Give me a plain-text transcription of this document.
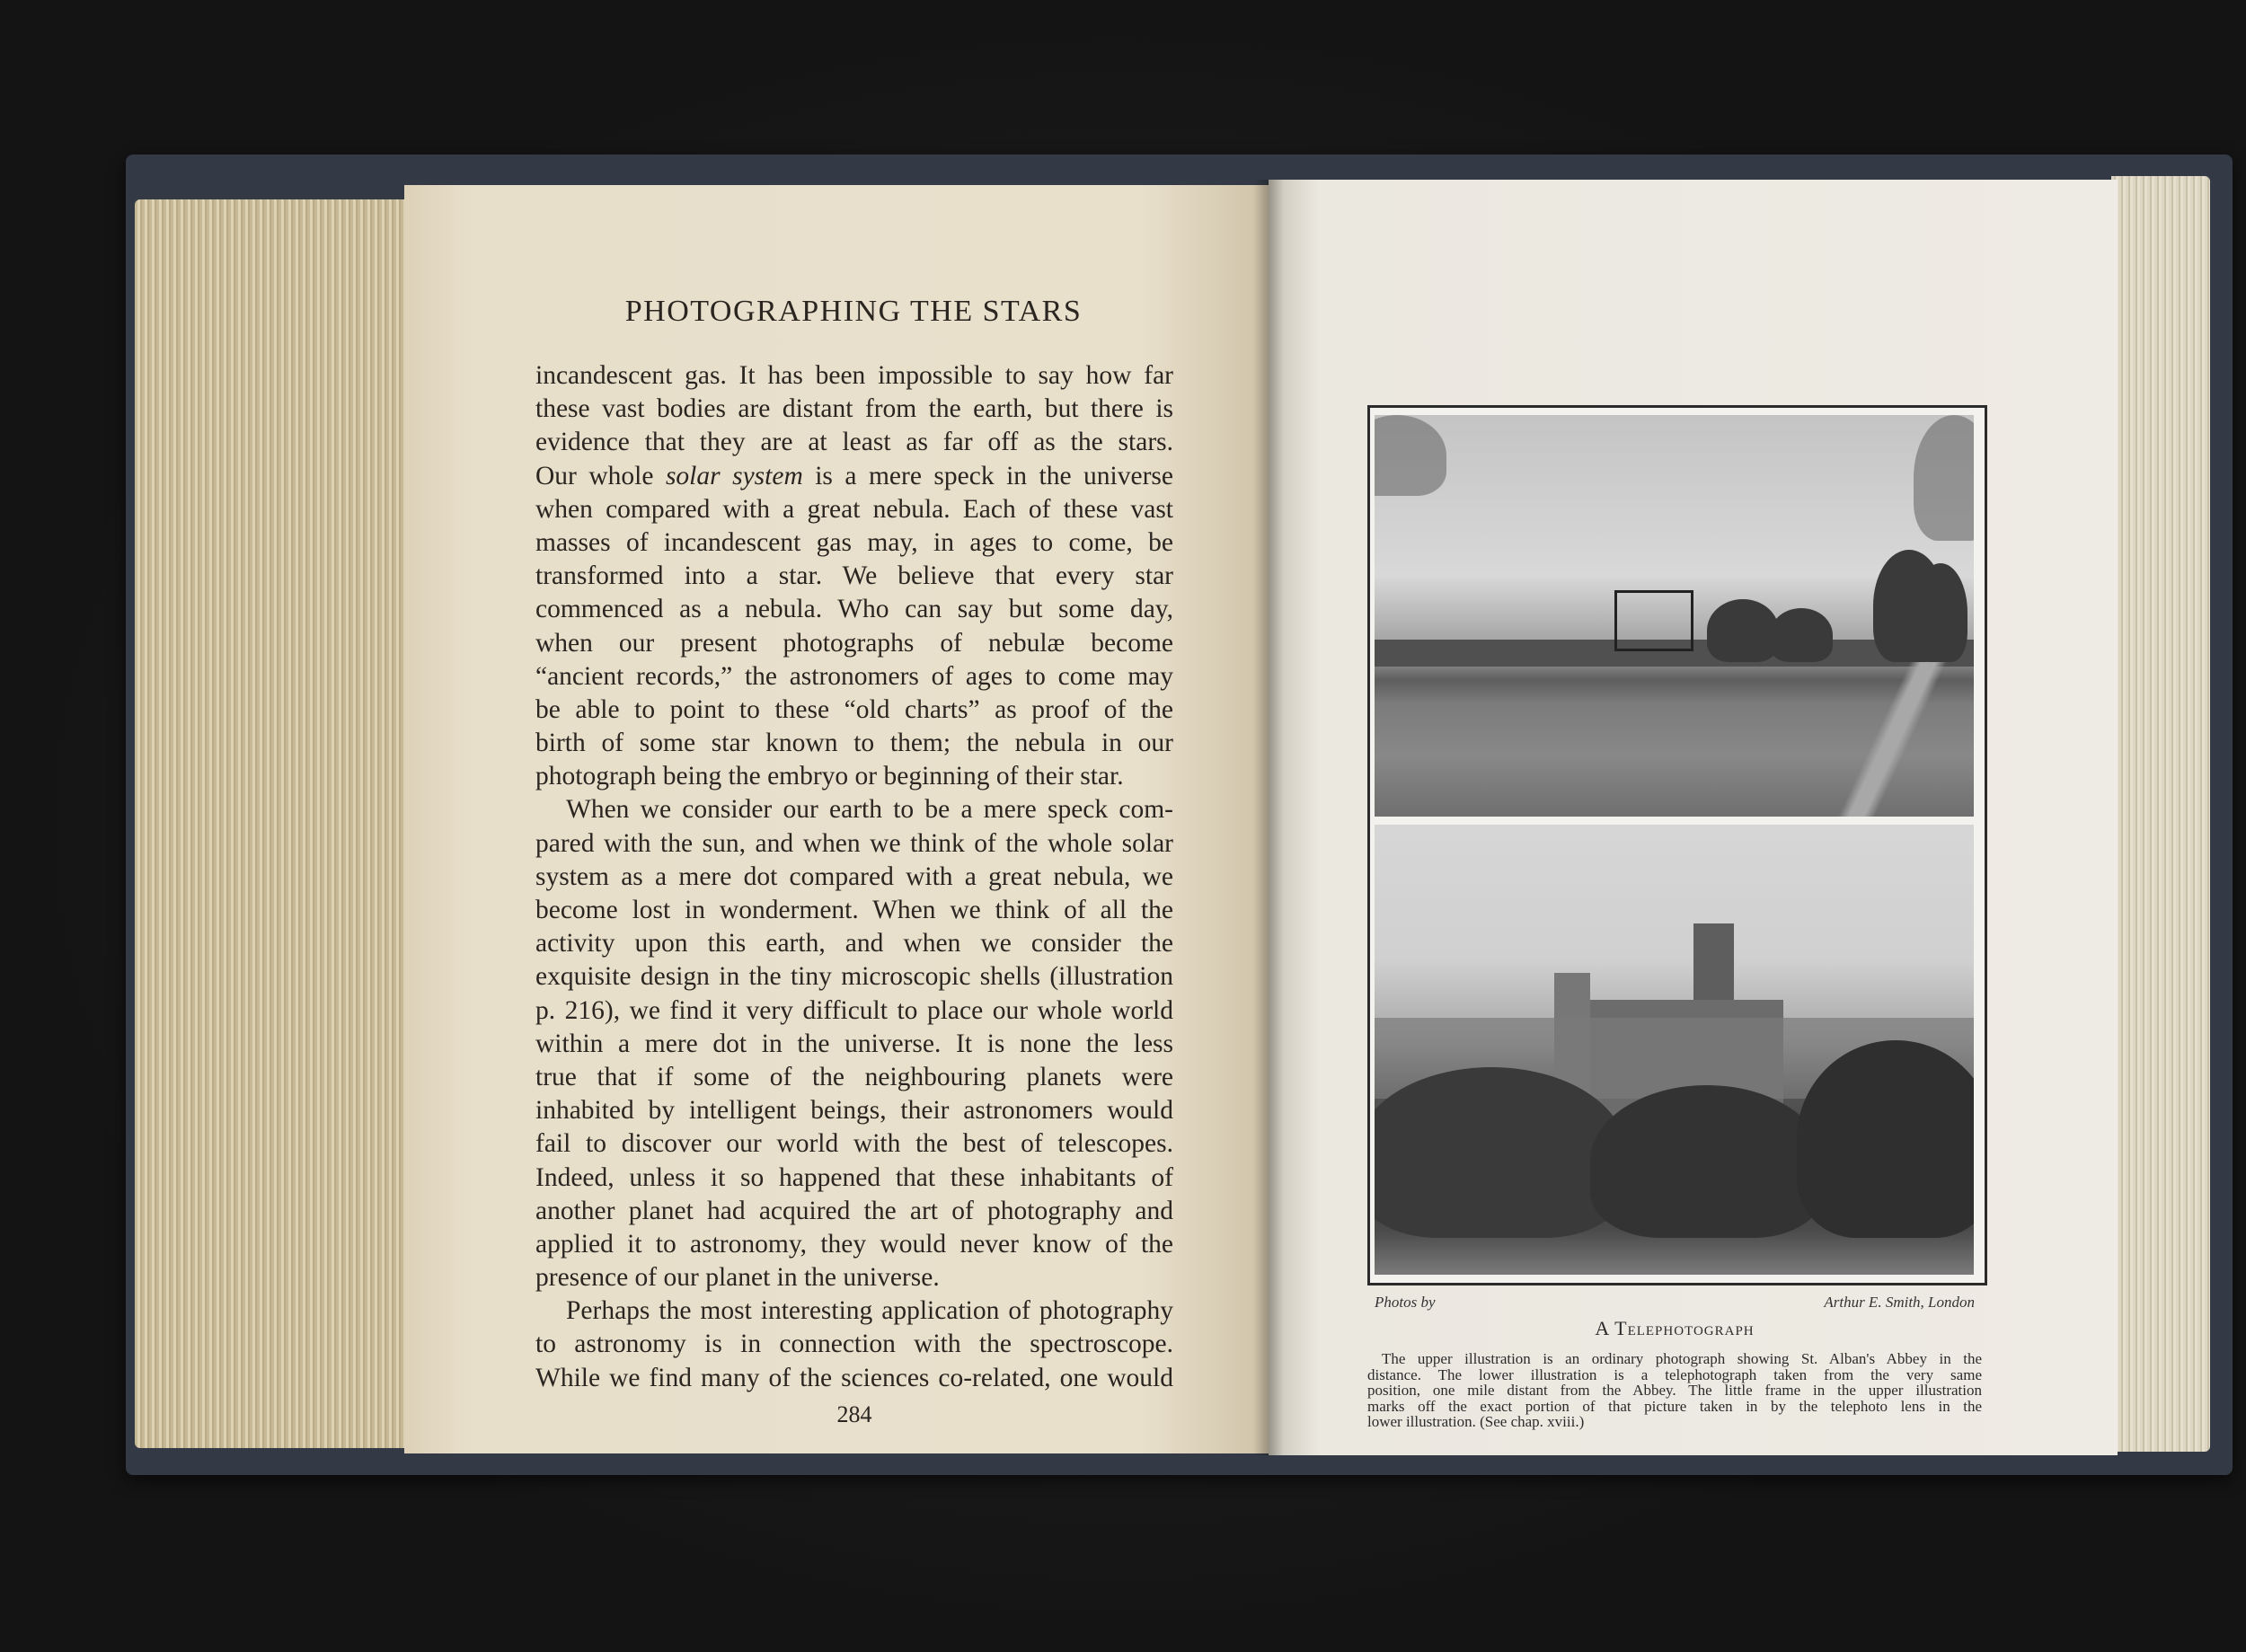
PHOTOGRAPHING THE STARS
incandescent gas. It has been impossible to say how far
these vast bodies are distant from the earth, but there is
evidence that they are at least as far off as the stars.
Our whole solar system is a mere speck in the universe
when compared with a great nebula. Each of these vast
masses of incandescent gas may, in ages to come, be
transformed into a star. We believe that every star
commenced as a nebula. Who can say but some day,
when our present photographs of nebulæ become
“ancient records,” the astronomers of ages to come may
be able to point to these “old charts” as proof of the
birth of some star known to them; the nebula in our
photograph being the embryo or beginning of their star.
When we consider our earth to be a mere speck com-
pared with the sun, and when we think of the whole solar
system as a mere dot compared with a great nebula, we
become lost in wonderment. When we think of all the
activity upon this earth, and when we consider the
exquisite design in the tiny microscopic shells (illustration
p. 216), we find it very difficult to place our whole world
within a mere dot in the universe. It is none the less
true that if some of the neighbouring planets were
inhabited by intelligent beings, their astronomers would
fail to discover our world with the best of telescopes.
Indeed, unless it so happened that these inhabitants of
another planet had acquired the art of photography and
applied it to astronomy, they would never know of the
presence of our planet in the universe.
Perhaps the most interesting application of photography
to astronomy is in connection with the spectroscope.
While we find many of the sciences co-related, one would
284
Photos by	Arthur E. Smith, London
A Telephotograph
The upper illustration is an ordinary photograph showing St. Alban's Abbey in the
distance. The lower illustration is a telephotograph taken from the very same
position, one mile distant from the Abbey. The little frame in the upper illustration
marks off the exact portion of that picture taken in by the telephoto lens in the
lower illustration. (See chap. xviii.)
